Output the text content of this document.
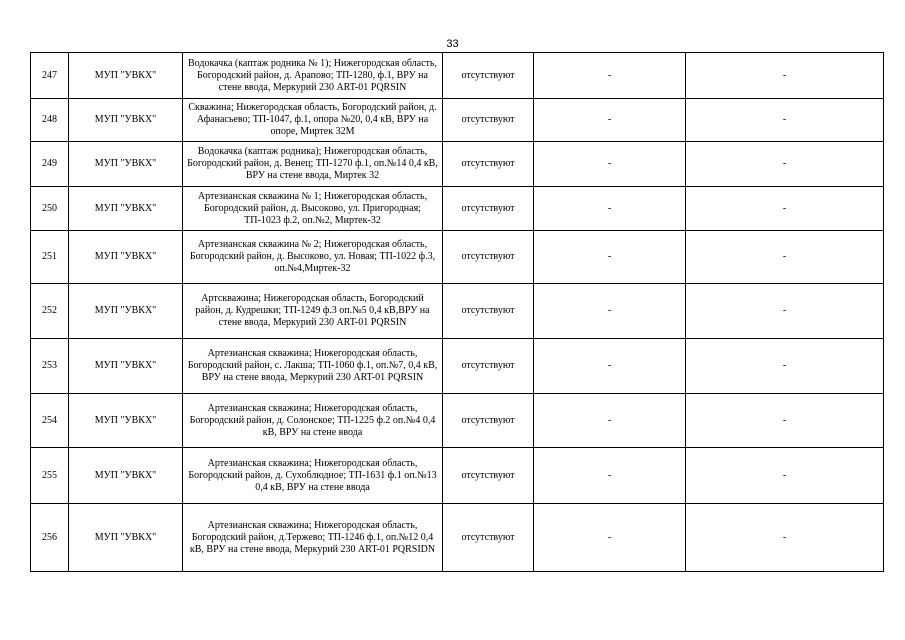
33
247	МУП "УВКХ"	Водокачка (каптаж родника № 1); Нижегородская область, Богородский район, д. Арапово; ТП-1280, ф.1, ВРУ на стене ввода, Меркурий 230 ART-01 PQRSIN	отсутствуют	-	-
248	МУП "УВКХ"	Скважина; Нижегородская область, Богородский район, д. Афанасьево; ТП-1047, ф.1, опора №20, 0,4 кВ, ВРУ на опоре, Миртек 32М	отсутствуют	-	-
249	МУП "УВКХ"	Водокачка (каптаж родника); Нижегородская область, Богородский район, д. Венец; ТП-1270 ф.1, оп.№14 0,4 кВ, ВРУ на стене ввода, Миртек 32	отсутствуют	-	-
250	МУП "УВКХ"	Артезианская скважина № 1; Нижегородская область, Богородский район, д. Высоково, ул. Пригородная; ТП-1023 ф.2, оп.№2, Миртек-32	отсутствуют	-	-
251	МУП "УВКХ"	Артезианская скважина № 2; Нижегородская область, Богородский район, д. Высоково, ул. Новая; ТП-1022 ф.3, оп.№4,Миртек-32	отсутствуют	-	-
252	МУП "УВКХ"	Артскважина; Нижегородская область, Богородский район, д. Кудрешки; ТП-1249 ф.3 оп.№5 0,4 кВ,ВРУ на стене ввода, Меркурий 230 ART-01 PQRSIN	отсутствуют	-	-
253	МУП "УВКХ"	Артезианская скважина; Нижегородская область, Богородский район, с. Лакша; ТП-1060 ф.1, оп.№7, 0,4 кВ, ВРУ на стене ввода, Меркурий 230 ART-01 PQRSIN	отсутствуют	-	-
254	МУП "УВКХ"	Артезианская скважина; Нижегородская область, Богородский район, д. Солонское; ТП-1225 ф.2 оп.№4 0,4 кВ, ВРУ на стене ввода	отсутствуют	-	-
255	МУП "УВКХ"	Артезианская скважина; Нижегородская область, Богородский район, д. Сухоблюдное; ТП-1631 ф.1 оп.№13 0,4 кВ, ВРУ на стене ввода	отсутствуют	-	-
256	МУП "УВКХ"	Артезианская скважина; Нижегородская область, Богородский район, д.Тержево; ТП-1246 ф.1, оп.№12 0,4 кВ, ВРУ на стене ввода, Меркурий 230 ART-01 PQRSIDN	отсутствуют	-	-
